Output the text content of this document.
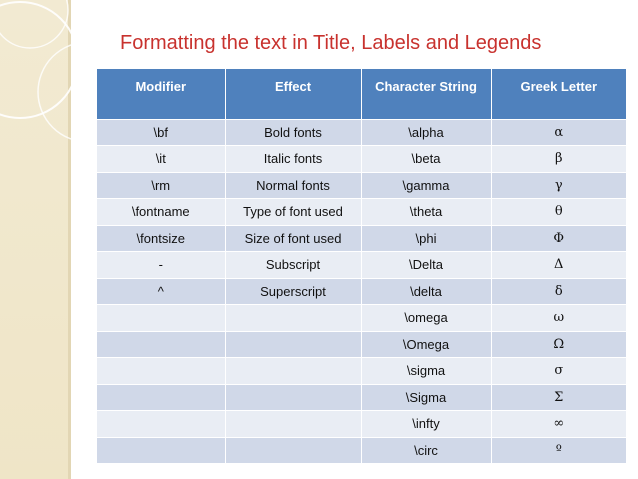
Formatting the text in Title, Labels and Legends
Modifier	Effect	Character String	Greek Letter
\bf	Bold fonts	\alpha	α
\it	Italic fonts	\beta	β
\rm	Normal fonts	\gamma	γ
\fontname	Type of font used	\theta	θ
\fontsize	Size of font used	\phi	Φ
-	Subscript	\Delta	Δ
^	Superscript	\delta	δ
		\omega	ω
		\Omega	Ω
		\sigma	σ
		\Sigma	Σ
		\infty	∞
		\circ	º
